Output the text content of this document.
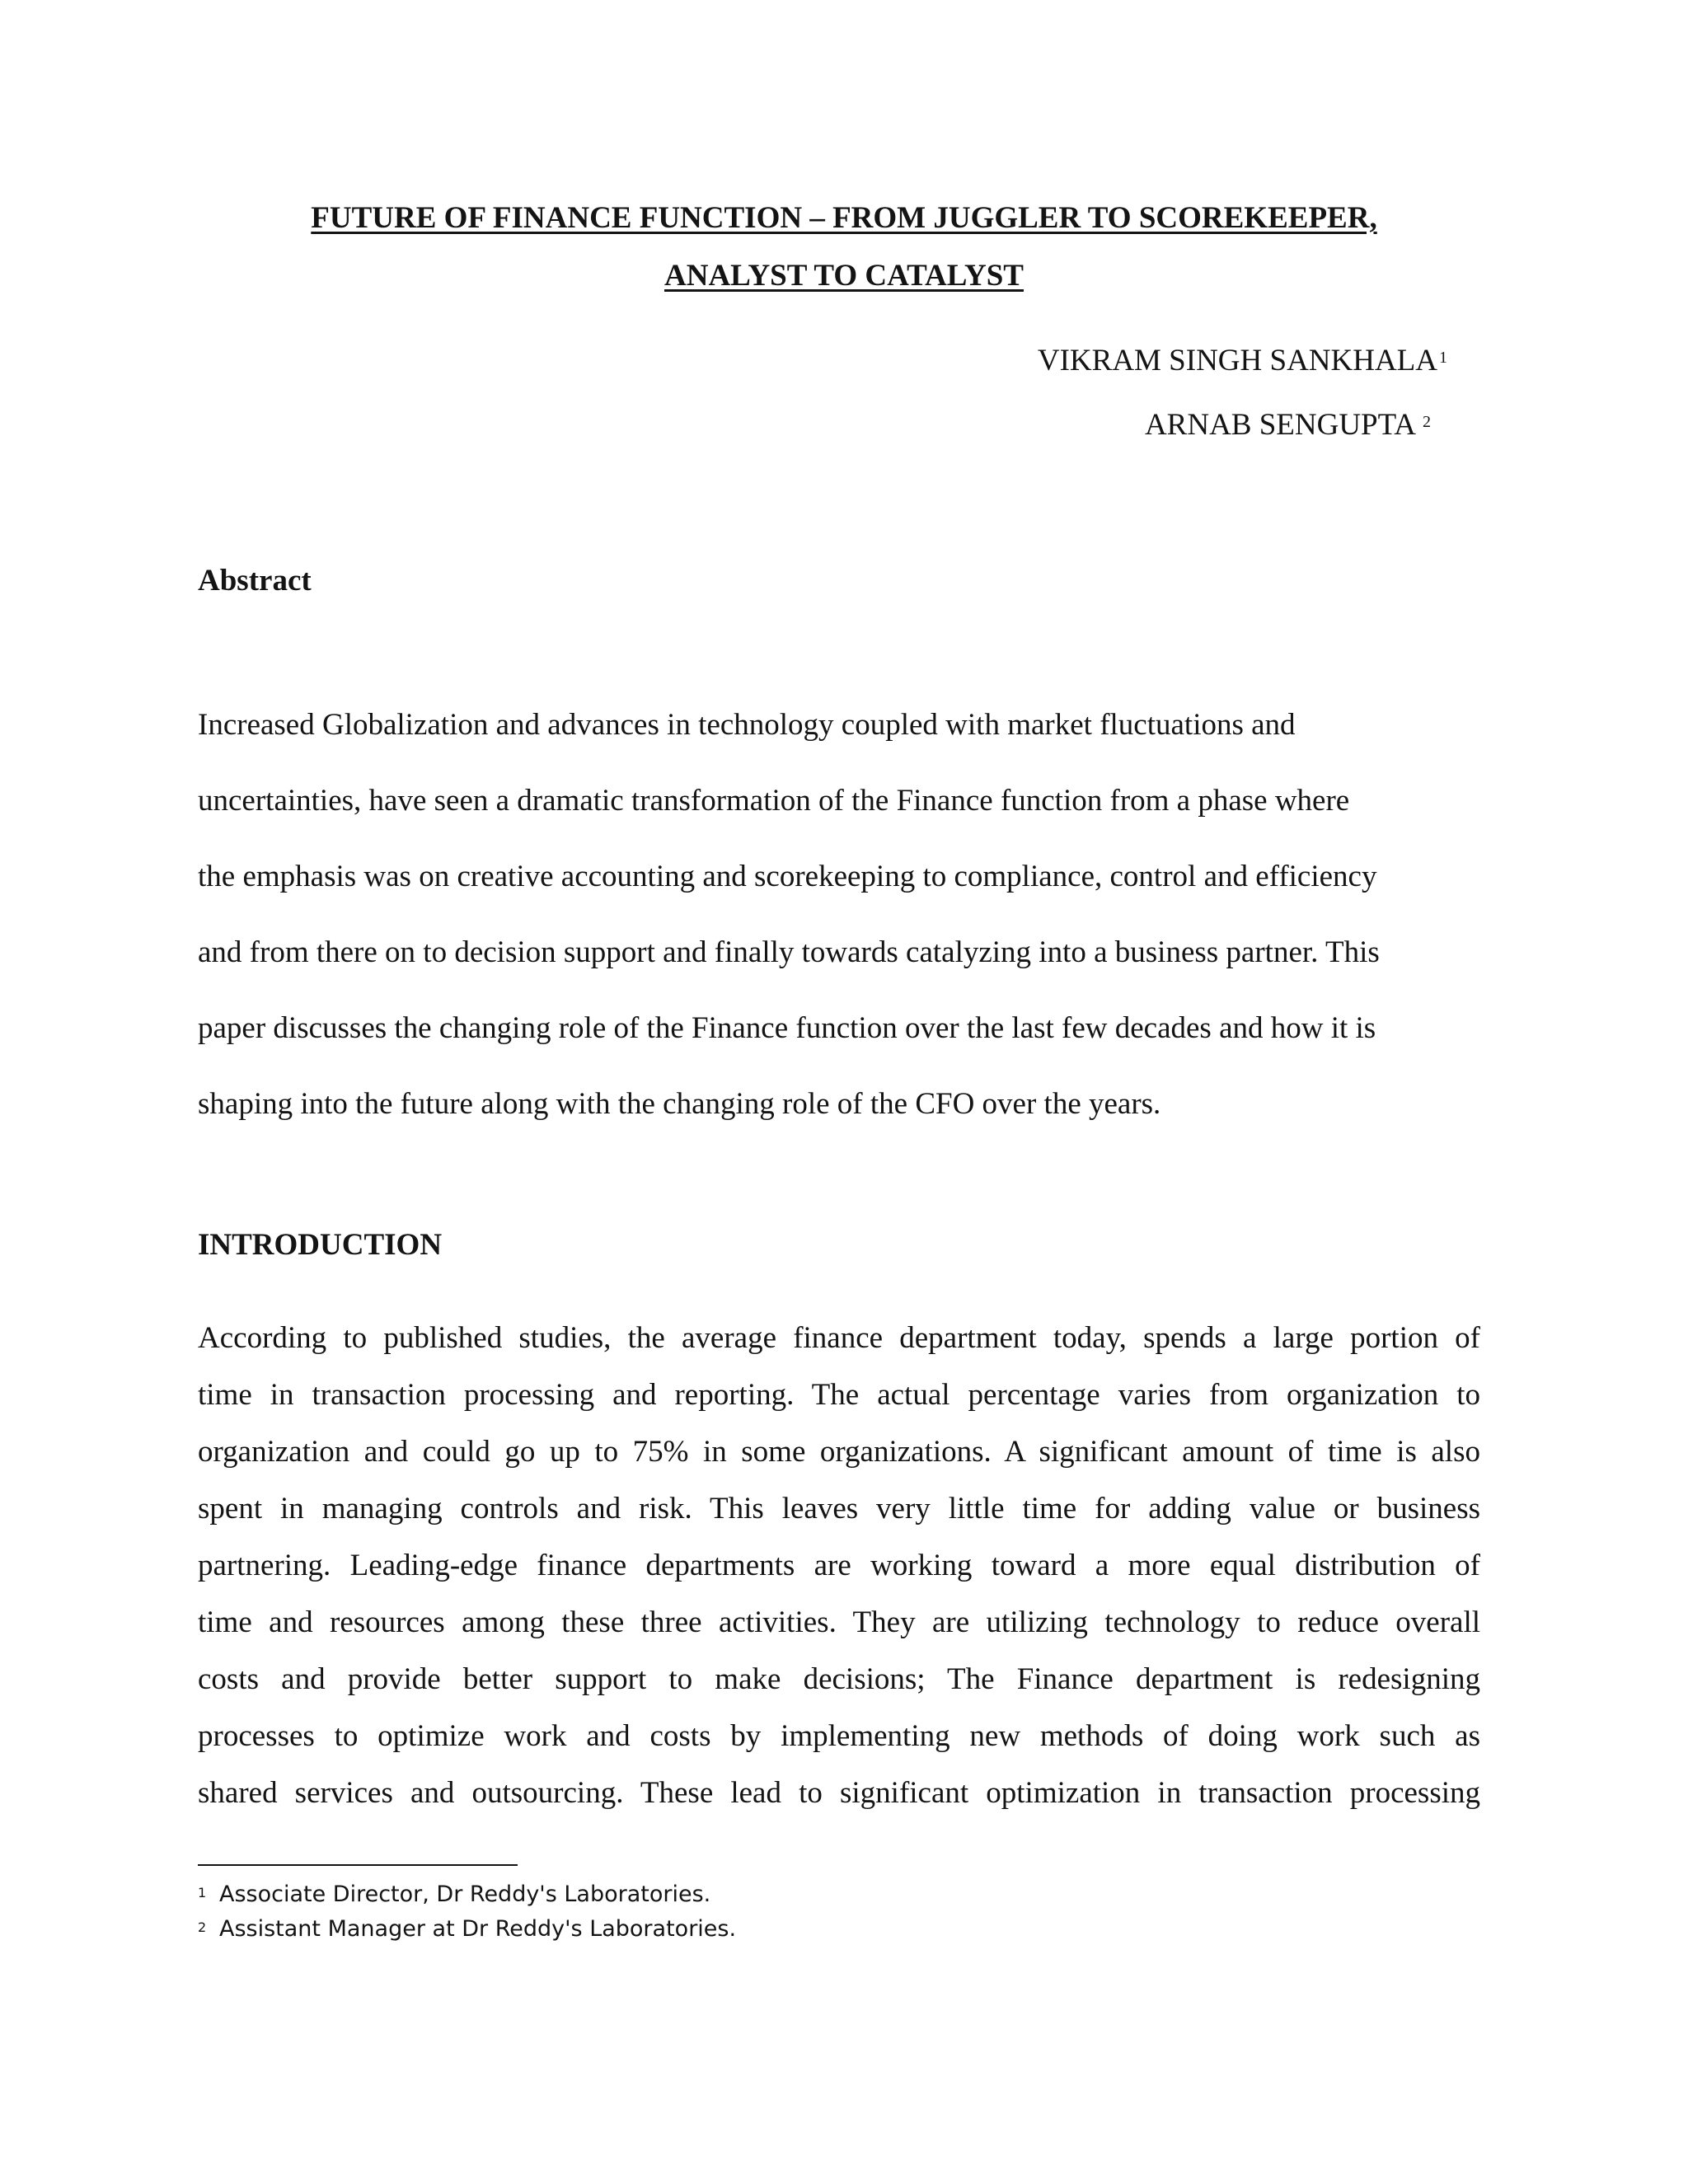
FUTURE OF FINANCE FUNCTION – FROM JUGGLER TO SCOREKEEPER,
ANALYST TO CATALYST
VIKRAM SINGH SANKHALA $^1$
ARNAB SENGUPTA $^2$
Abstract

Increased Globalization and advances in technology coupled with market fluctuations and
uncertainties, have seen a dramatic transformation of the Finance function from a phase where
the emphasis was on creative accounting and scorekeeping to compliance, control and efficiency
and from there on to decision support and finally towards catalyzing into a business partner. This
paper discusses the changing role of the Finance function over the last few decades and how it is
shaping into the future along with the changing role of the CFO over the years.

INTRODUCTION

According to published studies, the average finance department today, spends a large portion of
time in transaction processing and reporting. The actual percentage varies from organization to
organization and could go up to 75% in some organizations. A significant amount of time is also
spent in managing controls and risk. This leaves very little time for adding value or business
partnering. Leading-edge finance departments are working toward a more equal distribution of
time and resources among these three activities. They are utilizing technology to reduce overall
costs and provide better support to make decisions; The Finance department is redesigning
processes to optimize work and costs by implementing new methods of doing work such as
shared services and outsourcing. These lead to significant optimization in transaction processing

$^1$ Associate Director, Dr Reddy's Laboratories.
$^2$ Assistant Manager at Dr Reddy's Laboratories.
